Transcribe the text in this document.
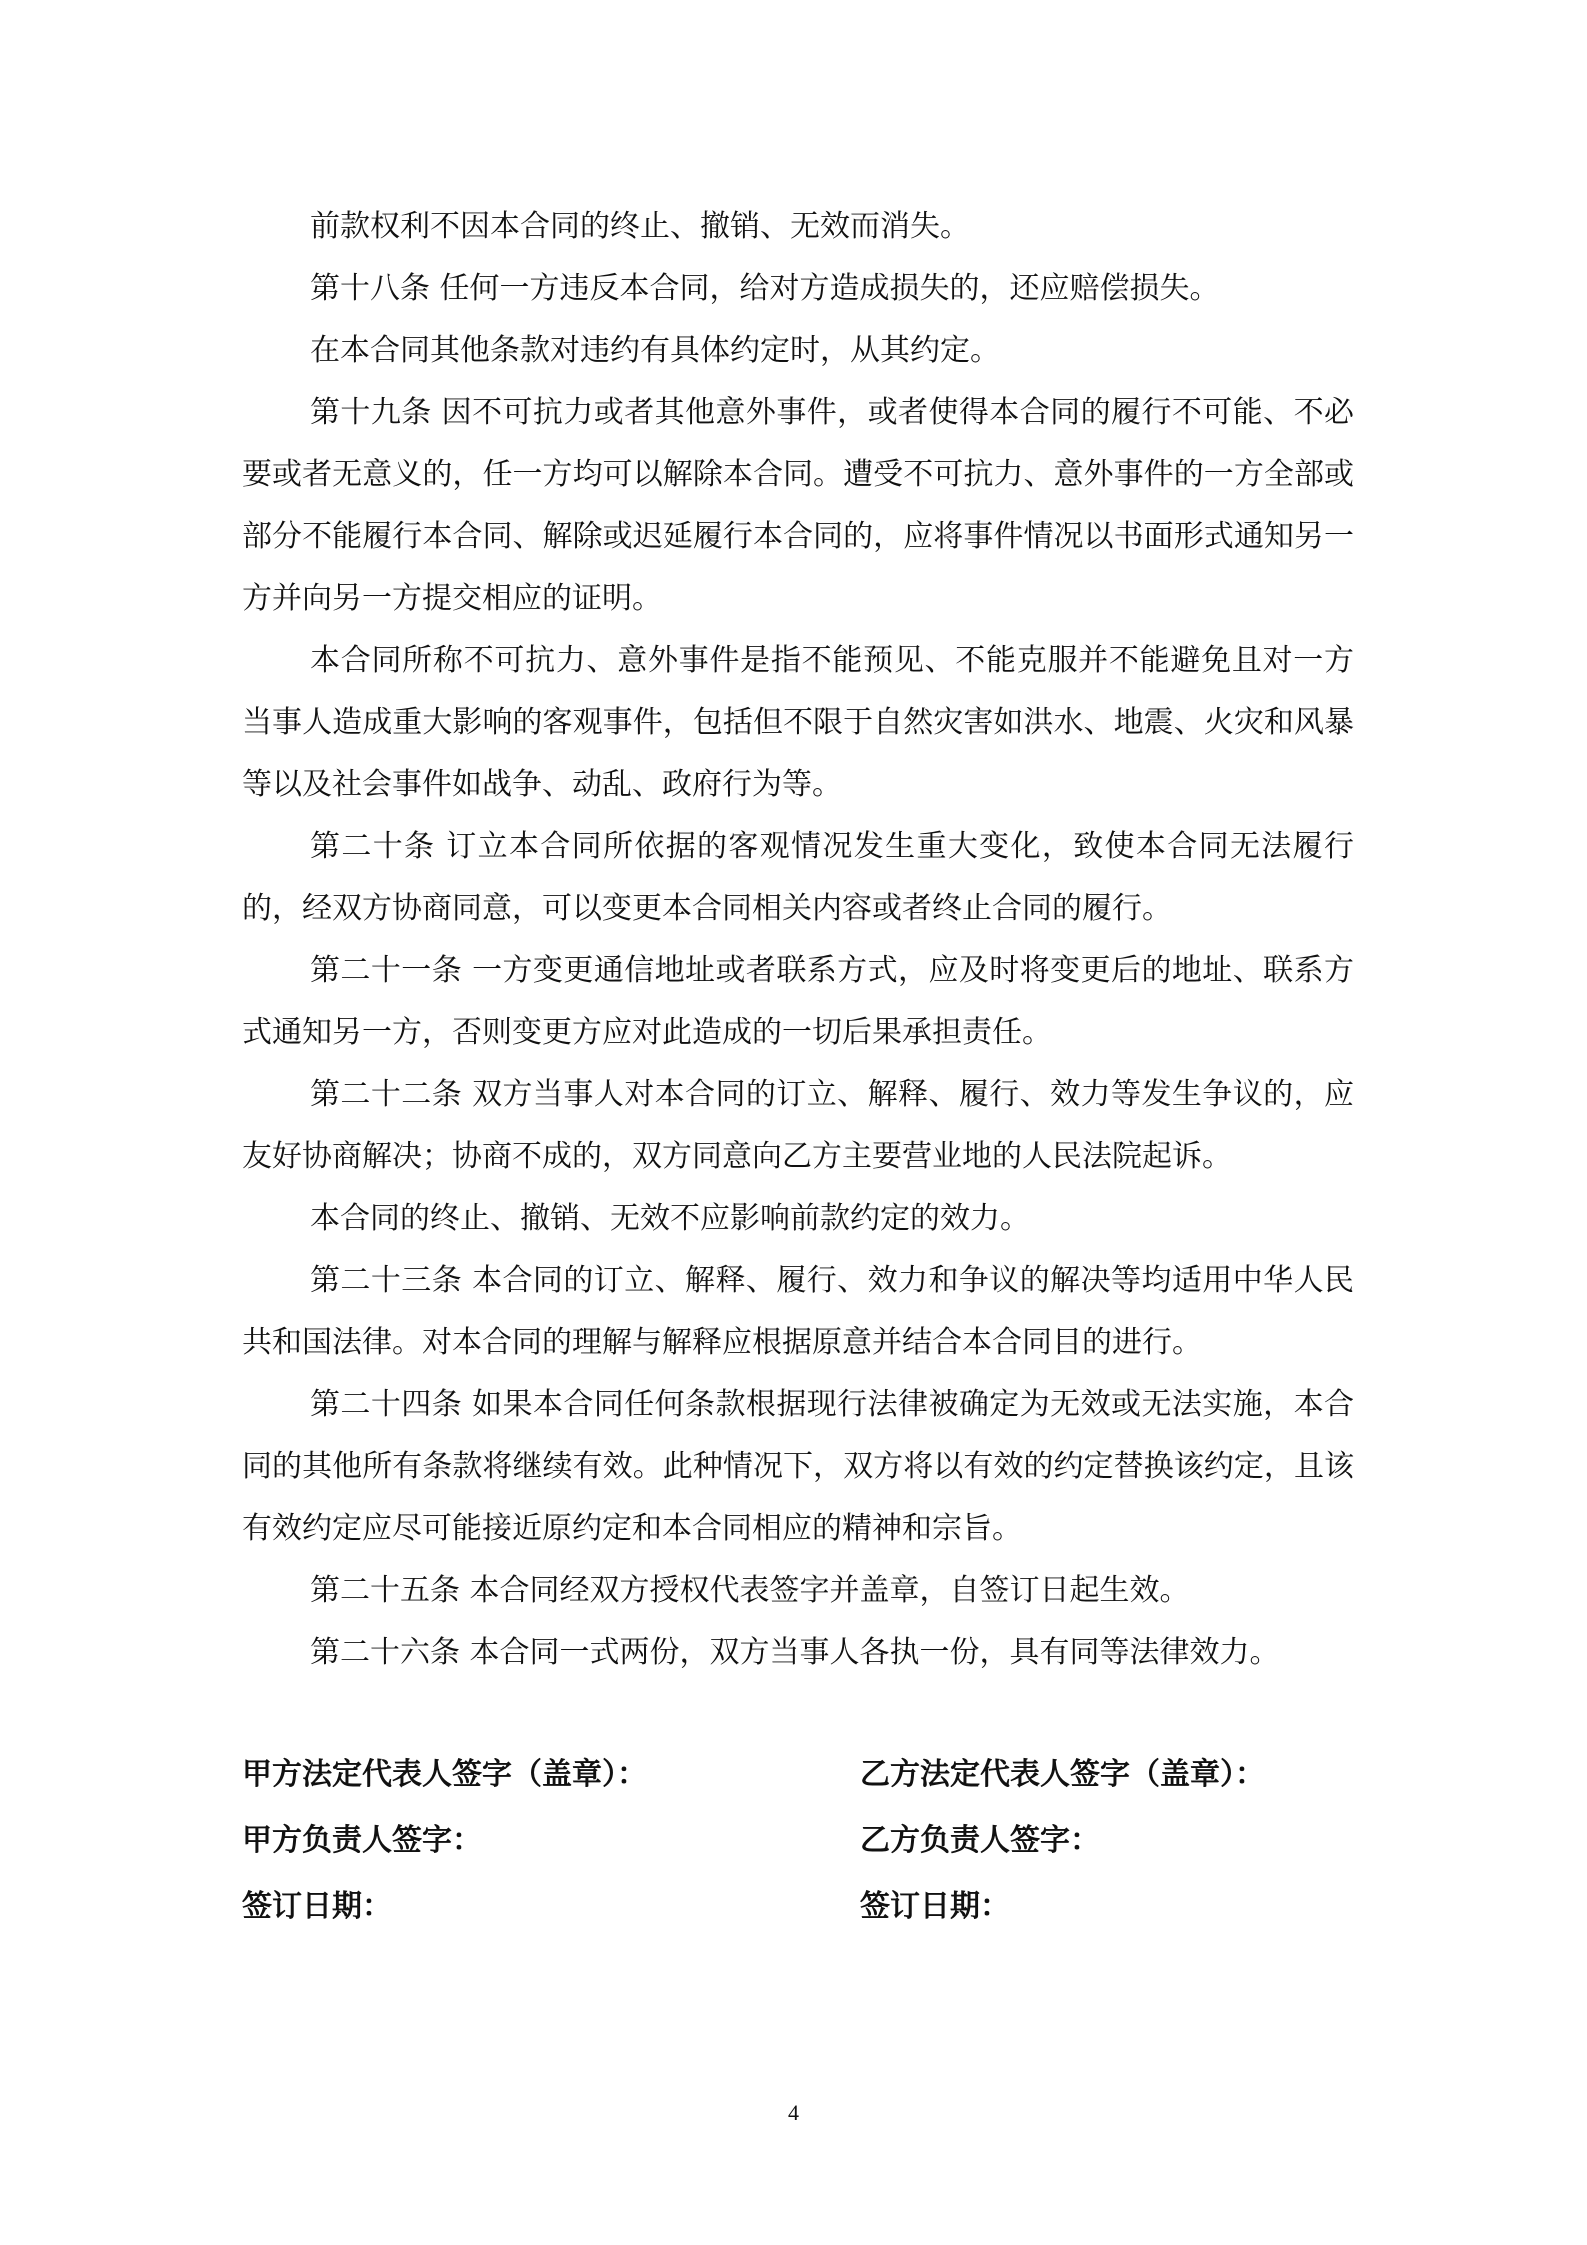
前款权利不因本合同的终止、撤销、无效而消失。

第十八条 任何一方违反本合同，给对方造成损失的，还应赔偿损失。

在本合同其他条款对违约有具体约定时，从其约定。

第十九条 因不可抗力或者其他意外事件，或者使得本合同的履行不可能、不必要或者无意义的，任一方均可以解除本合同。遭受不可抗力、意外事件的一方全部或部分不能履行本合同、解除或迟延履行本合同的，应将事件情况以书面形式通知另一方并向另一方提交相应的证明。

本合同所称不可抗力、意外事件是指不能预见、不能克服并不能避免且对一方当事人造成重大影响的客观事件，包括但不限于自然灾害如洪水、地震、火灾和风暴等以及社会事件如战争、动乱、政府行为等。

第二十条 订立本合同所依据的客观情况发生重大变化，致使本合同无法履行的，经双方协商同意，可以变更本合同相关内容或者终止合同的履行。

第二十一条 一方变更通信地址或者联系方式，应及时将变更后的地址、联系方式通知另一方，否则变更方应对此造成的一切后果承担责任。

第二十二条 双方当事人对本合同的订立、解释、履行、效力等发生争议的，应友好协商解决；协商不成的，双方同意向乙方主要营业地的人民法院起诉。

本合同的终止、撤销、无效不应影响前款约定的效力。

第二十三条 本合同的订立、解释、履行、效力和争议的解决等均适用中华人民共和国法律。对本合同的理解与解释应根据原意并结合本合同目的进行。

第二十四条 如果本合同任何条款根据现行法律被确定为无效或无法实施，本合同的其他所有条款将继续有效。此种情况下，双方将以有效的约定替换该约定，且该有效约定应尽可能接近原约定和本合同相应的精神和宗旨。

第二十五条 本合同经双方授权代表签字并盖章，自签订日起生效。

第二十六条 本合同一式两份，双方当事人各执一份，具有同等法律效力。

甲方法定代表人签字（盖章）：	乙方法定代表人签字（盖章）：
甲方负责人签字：	乙方负责人签字：
签订日期：	签订日期：
4
